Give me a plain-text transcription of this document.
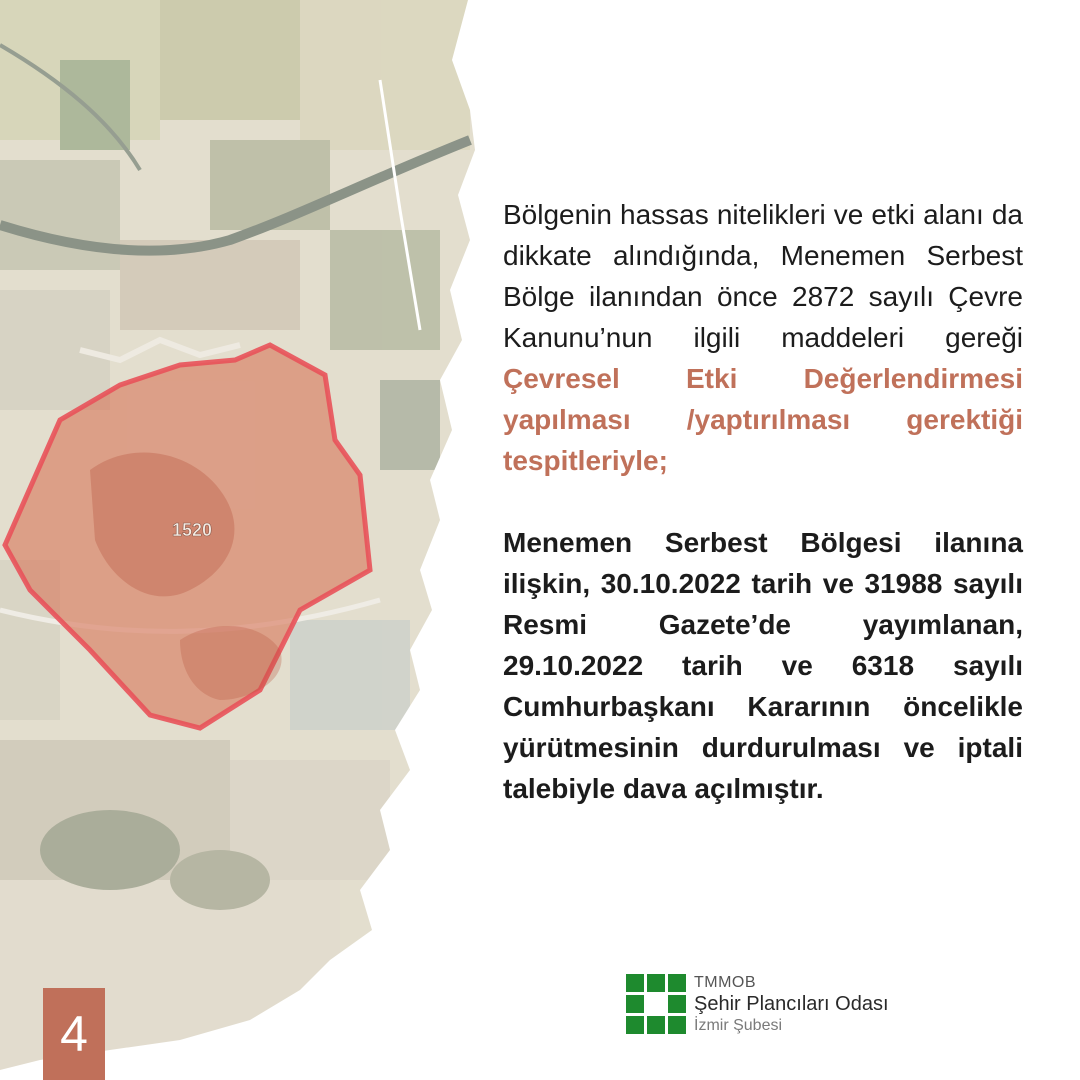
1520

Bölgenin hassas nitelikleri ve etki alanı da dikkate alındığında, Menemen Serbest Bölge ilanından önce 2872 sayılı Çevre Kanunu’nun ilgili maddeleri gereği Çevresel Etki Değerlendirmesi yapılması /yaptırılması gerektiği tespitleriyle;

Menemen Serbest Bölgesi ilanına ilişkin, 30.10.2022 tarih ve 31988 sayılı Resmi Gazete’de yayımlanan, 29.10.2022 tarih ve 6318 sayılı Cumhurbaşkanı Kararının öncelikle yürütmesinin durdurulması ve iptali talebiyle dava açılmıştır.

4
TMMOB
Şehir Plancıları Odası
İzmir Şubesi
